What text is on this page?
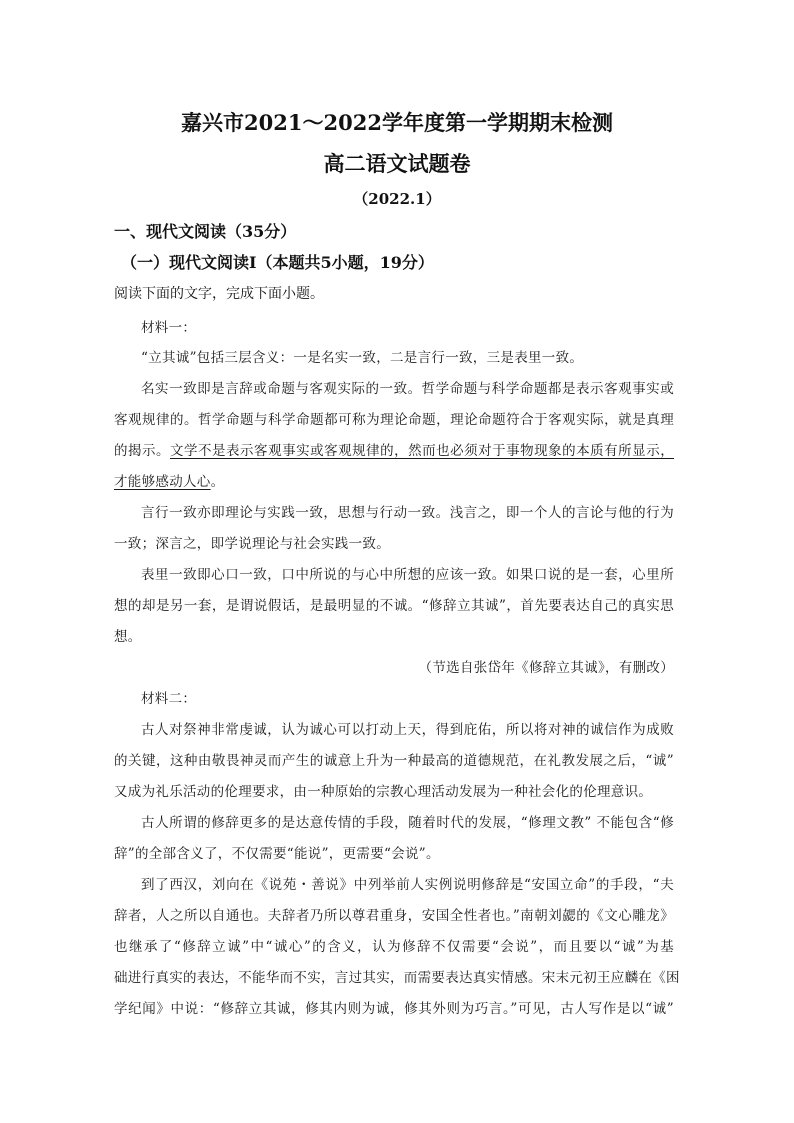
嘉兴市2021～2022学年度第一学期期末检测
高二语文试题卷
（2022.1）
一、现代文阅读（35分）
（一）现代文阅读Ⅰ（本题共5小题，19分）
阅读下面的文字，完成下面小题。
材料一：
“立其诚”包括三层含义：一是名实一致，二是言行一致，三是表里一致。
名实一致即是言辞或命题与客观实际的一致。哲学命题与科学命题都是表示客观事实或
客观规律的。哲学命题与科学命题都可称为理论命题，理论命题符合于客观实际，就是真理
的揭示。文学不是表示客观事实或客观规律的，然而也必须对于事物现象的本质有所显示，
才能够感动人心。
言行一致亦即理论与实践一致，思想与行动一致。浅言之，即一个人的言论与他的行为
一致；深言之，即学说理论与社会实践一致。
表里一致即心口一致，口中所说的与心中所想的应该一致。如果口说的是一套，心里所
想的却是另一套，是谓说假话，是最明显的不诚。“修辞立其诚”，首先要表达自己的真实思
想。
（节选自张岱年《修辞立其诚》，有删改）
材料二：
古人对祭神非常虔诚，认为诚心可以打动上天，得到庇佑，所以将对神的诚信作为成败
的关键，这种由敬畏神灵而产生的诚意上升为一种最高的道德规范，在礼教发展之后，“诚”
又成为礼乐活动的伦理要求，由一种原始的宗教心理活动发展为一种社会化的伦理意识。
古人所谓的修辞更多的是达意传情的手段，随着时代的发展，“修理文教” 不能包含“修
辞”的全部含义了，不仅需要“能说”，更需要“会说”。
到了西汉，刘向在《说苑・善说》中列举前人实例说明修辞是“安国立命”的手段，“夫
辞者，人之所以自通也。夫辞者乃所以尊君重身，安国全性者也。”南朝刘勰的《文心雕龙》
也继承了“修辞立诚”中“诚心”的含义，认为修辞不仅需要“会说”，而且要以“诚”为基
础进行真实的表达，不能华而不实，言过其实，而需要表达真实情感。宋末元初王应麟在《困
学纪闻》中说：“修辞立其诚，修其内则为诚，修其外则为巧言。”可见，古人写作是以“诚”
